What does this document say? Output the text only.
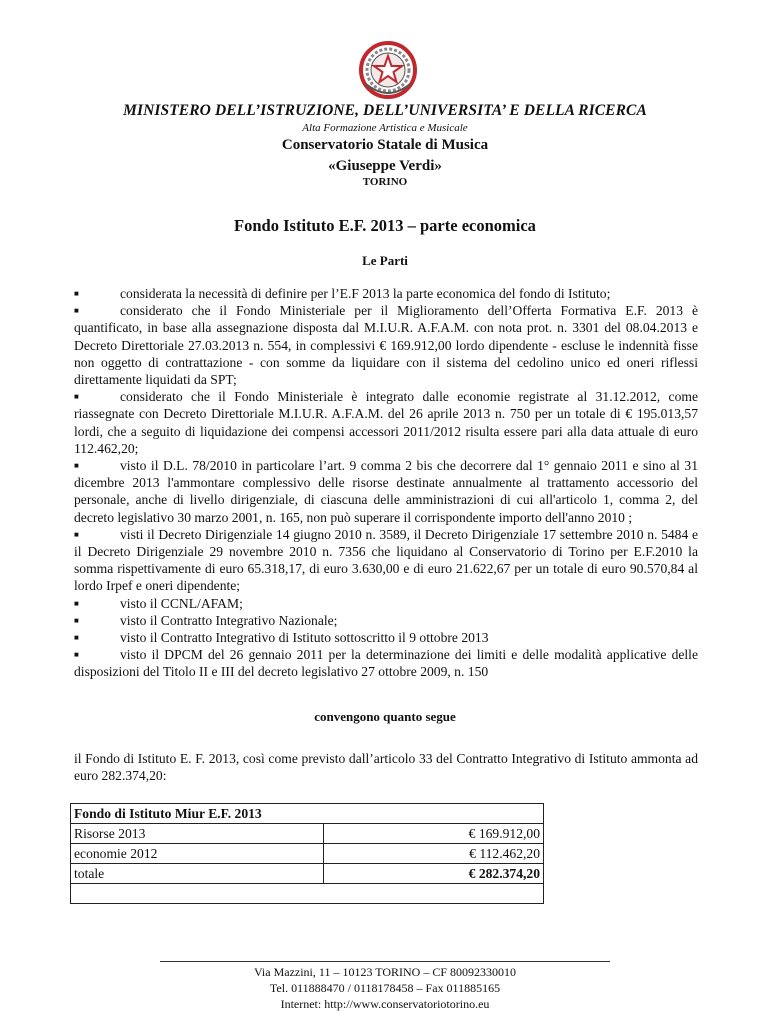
MINISTERO DELL’ISTRUZIONE, DELL’UNIVERSITA’ E DELLA RICERCA
Alta Formazione Artistica e Musicale
Conservatorio Statale di Musica
«Giuseppe Verdi»
TORINO
Fondo Istituto E.F. 2013 – parte economica
Le Parti

■	considerata la necessità di definire per l’E.F 2013 la parte economica del fondo di Istituto;

■	considerato che il Fondo Ministeriale per il Miglioramento dell’Offerta Formativa E.F. 2013 è quantificato, in base alla assegnazione disposta dal M.I.U.R. A.F.A.M. con nota prot. n. 3301 del 08.04.2013 e Decreto Direttoriale 27.03.2013 n. 554, in complessivi € 169.912,00 lordo dipendente - escluse le indennità fisse non oggetto di contrattazione - con somme da liquidare con il sistema del cedolino unico ed oneri riflessi direttamente liquidati da SPT;

■	considerato che il Fondo Ministeriale è integrato dalle economie registrate al 31.12.2012, come riassegnate con Decreto Direttoriale M.I.U.R. A.F.A.M. del 26 aprile 2013 n. 750 per un totale di € 195.013,57 lordi, che a seguito di liquidazione dei compensi accessori 2011/2012 risulta essere pari alla data attuale di euro 112.462,20;

■	visto il D.L. 78/2010 in particolare l’art. 9 comma 2 bis che decorrere dal 1° gennaio 2011 e sino al 31 dicembre 2013 l'ammontare complessivo delle risorse destinate annualmente al trattamento accessorio del personale, anche di livello dirigenziale, di ciascuna delle amministrazioni di cui all'articolo 1, comma 2, del decreto legislativo 30 marzo 2001, n. 165, non può superare il corrispondente importo dell'anno 2010 ;

■	visti il Decreto Dirigenziale 14 giugno 2010 n. 3589, il Decreto Dirigenziale 17 settembre 2010 n. 5484 e il Decreto Dirigenziale 29 novembre 2010 n. 7356 che liquidano al Conservatorio di Torino per E.F.2010 la somma rispettivamente di euro 65.318,17, di euro 3.630,00 e di euro 21.622,67 per un totale di euro 90.570,84 al lordo Irpef e oneri dipendente;

■	visto il CCNL/AFAM;

■	visto il Contratto Integrativo Nazionale;

■	visto il Contratto Integrativo di Istituto sottoscritto il 9 ottobre 2013

■	visto il DPCM del 26 gennaio 2011 per la determinazione dei limiti e delle modalità applicative delle disposizioni del Titolo II e III del decreto legislativo 27 ottobre 2009, n. 150

convengono quanto segue
il Fondo di Istituto E. F. 2013, così come previsto dall’articolo 33 del Contratto Integrativo di Istituto ammonta ad euro 282.374,20:
Fondo di Istituto Miur E.F. 2013	
Risorse 2013	€ 169.912,00
economie 2012	€ 112.462,20
totale	€ 282.374,20

Via Mazzini, 11 – 10123 TORINO – CF 80092330010
Tel. 011888470 / 0118178458 – Fax 011885165
Internet: http://www.conservatoriotorino.eu
